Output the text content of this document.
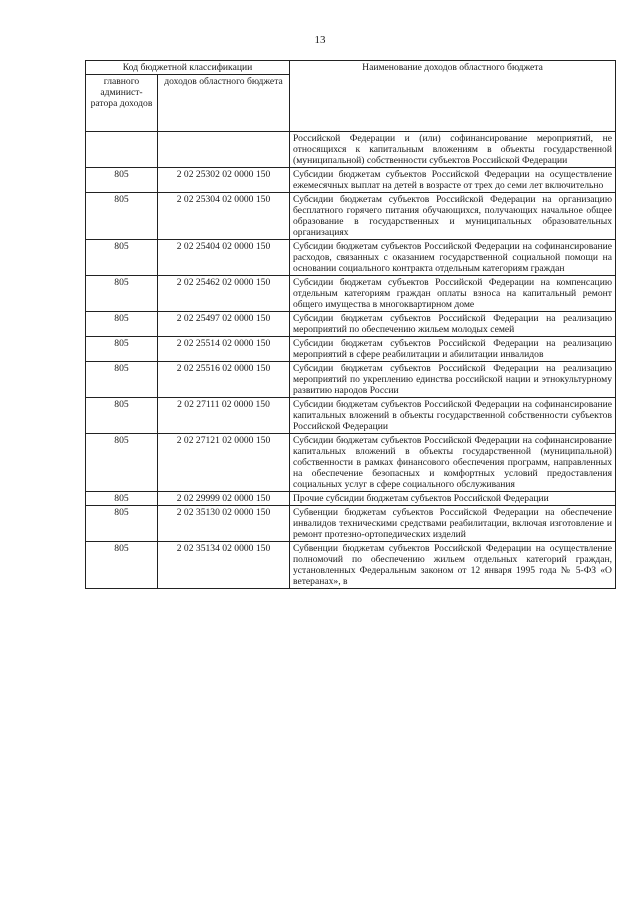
13
Код бюджетной классификации		Наименование доходов областного бюджета
главного админист-ратора доходов	доходов областного бюджета	
		Российской Федерации и (или) софинансирование мероприятий, не относящихся к капитальным вложениям в объекты государственной (муниципальной) собственности субъектов Российской Федерации
805	2 02 25302 02 0000 150	Субсидии бюджетам субъектов Российской Федерации на осуществление ежемесячных выплат на детей в возрасте от трех до семи лет включительно
805	2 02 25304 02 0000 150	Субсидии бюджетам субъектов Российской Федерации на организацию бесплатного горячего питания обучающихся, получающих начальное общее образование в государственных и муниципальных образовательных организациях
805	2 02 25404 02 0000 150	Субсидии бюджетам субъектов Российской Федерации на софинансирование расходов, связанных с оказанием государственной социальной помощи на основании социального контракта отдельным категориям граждан
805	2 02 25462 02 0000 150	Субсидии бюджетам субъектов Российской Федерации на компенсацию отдельным категориям граждан оплаты взноса на капитальный ремонт общего имущества в многоквартирном доме
805	2 02 25497 02 0000 150	Субсидии бюджетам субъектов Российской Федерации на реализацию мероприятий по обеспечению жильем молодых семей
805	2 02 25514 02 0000 150	Субсидии бюджетам субъектов Российской Федерации на реализацию мероприятий в сфере реабилитации и абилитации инвалидов
805	2 02 25516 02 0000 150	Субсидии бюджетам субъектов Российской Федерации на реализацию мероприятий по укреплению единства российской нации и этнокультурному развитию народов России
805	2 02 27111 02 0000 150	Субсидии бюджетам субъектов Российской Федерации на софинансирование капитальных вложений в объекты государственной собственности субъектов Российской Федерации
805	2 02 27121 02 0000 150	Субсидии бюджетам субъектов Российской Федерации на софинансирование капитальных вложений в объекты государственной (муниципальной) собственности в рамках финансового обеспечения программ, направленных на обеспечение безопасных и комфортных условий предоставления социальных услуг в сфере социального обслуживания
805	2 02 29999 02 0000 150	Прочие субсидии бюджетам субъектов Российской Федерации
805	2 02 35130 02 0000 150	Субвенции бюджетам субъектов Российской Федерации на обеспечение инвалидов техническими средствами реабилитации, включая изготовление и ремонт протезно-ортопедических изделий
805	2 02 35134 02 0000 150	Субвенции бюджетам субъектов Российской Федерации на осуществление полномочий по обеспечению жильем отдельных категорий граждан, установленных Федеральным законом от 12 января 1995 года № 5-ФЗ «О ветеранах», в
